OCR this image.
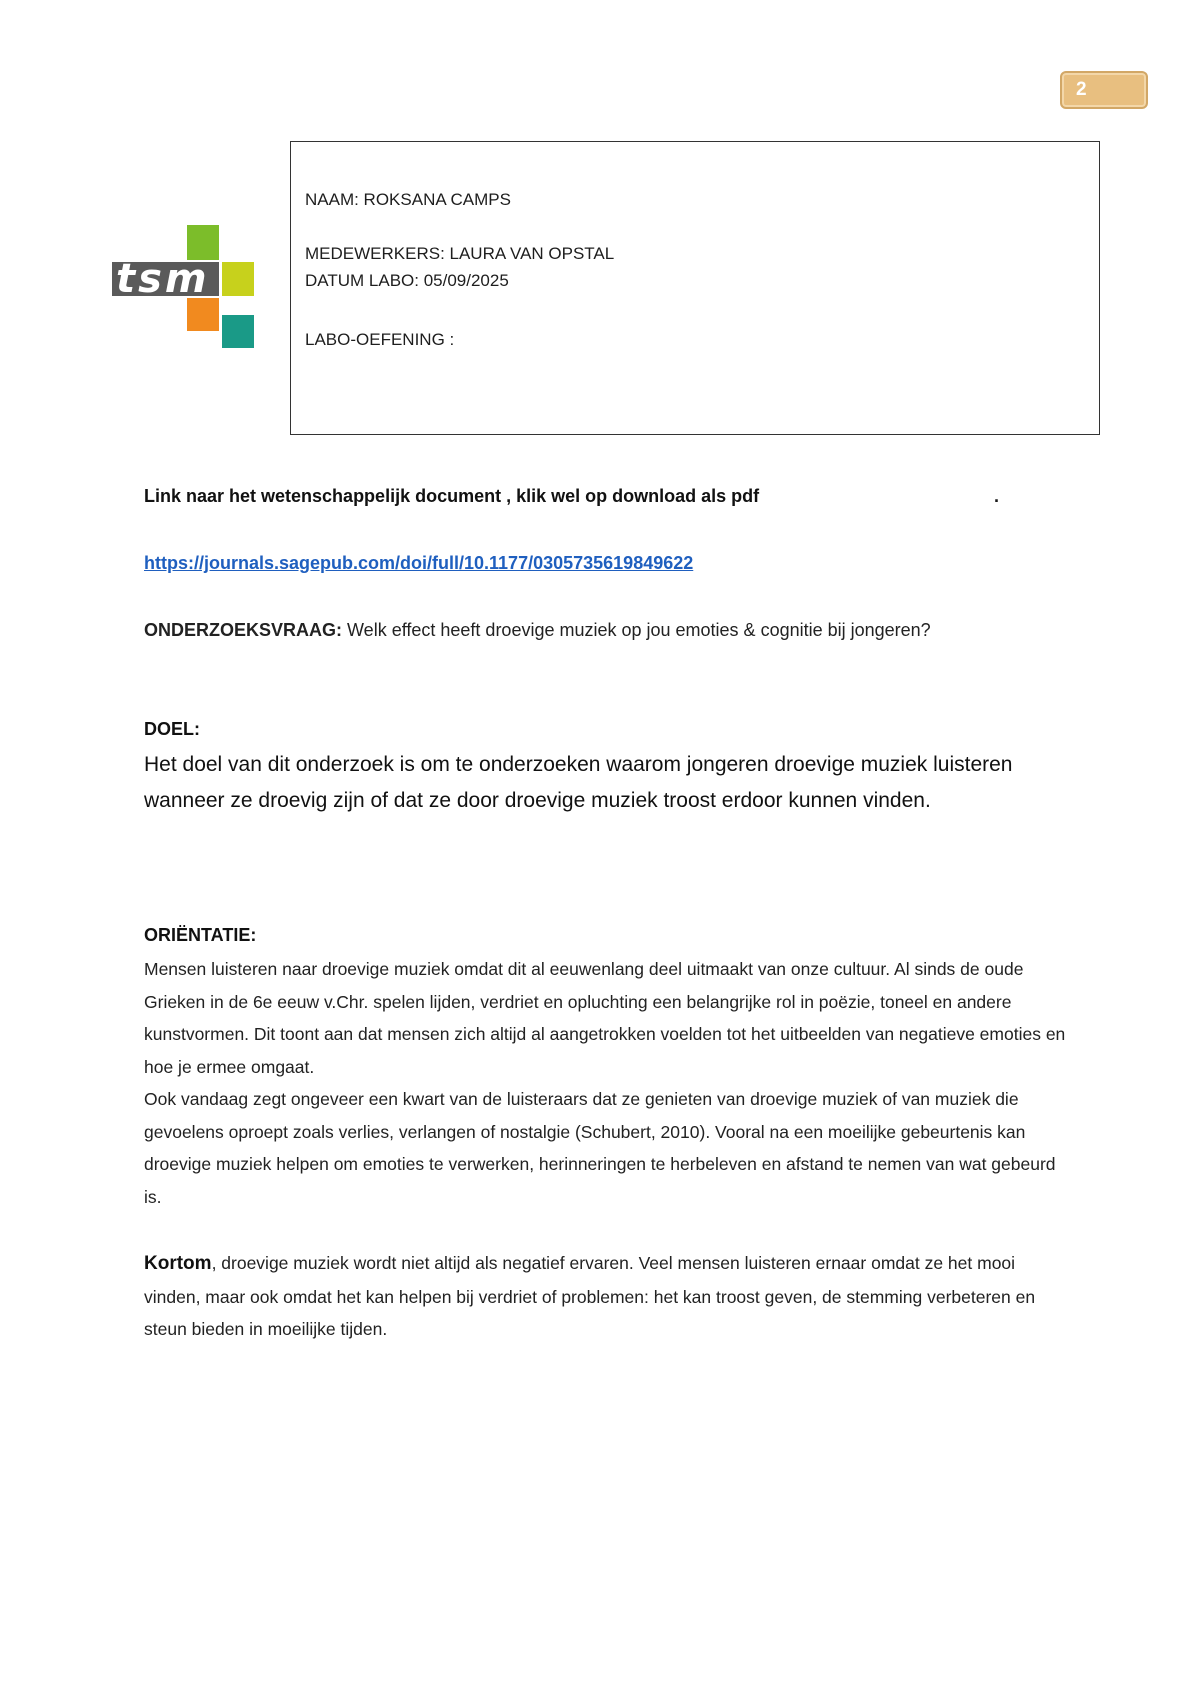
2
tsm

NAAM: ROKSANA CAMPS

MEDEWERKERS: LAURA VAN OPSTAL

DATUM LABO: 05/09/2025

LABO-OEFENING :

Link naar het wetenschappelijk document , klik wel op download als pdf	.
https://journals.sagepub.com/doi/full/10.1177/0305735619849622

ONDERZOEKSVRAAG: Welk effect heeft droevige muziek op jou emoties & cognitie bij jongeren?

DOEL:

Het doel van dit onderzoek is om te onderzoeken waarom jongeren droevige muziek luisteren wanneer ze droevig zijn of dat ze door droevige muziek troost erdoor kunnen vinden.

ORIËNTATIE:

Mensen luisteren naar droevige muziek omdat dit al eeuwenlang deel uitmaakt van onze cultuur. Al sinds de oude Grieken in de 6e eeuw v.Chr. spelen lijden, verdriet en opluchting een belangrijke rol in poëzie, toneel en andere kunstvormen. Dit toont aan dat mensen zich altijd al aangetrokken voelden tot het uitbeelden van negatieve emoties en hoe je ermee omgaat.

Ook vandaag zegt ongeveer een kwart van de luisteraars dat ze genieten van droevige muziek of van muziek die gevoelens oproept zoals verlies, verlangen of nostalgie (Schubert, 2010). Vooral na een moeilijke gebeurtenis kan droevige muziek helpen om emoties te verwerken, herinneringen te herbeleven en afstand te nemen van wat gebeurd is.

Kortom, droevige muziek wordt niet altijd als negatief ervaren. Veel mensen luisteren ernaar omdat ze het mooi vinden, maar ook omdat het kan helpen bij verdriet of problemen: het kan troost geven, de stemming verbeteren en steun bieden in moeilijke tijden.
